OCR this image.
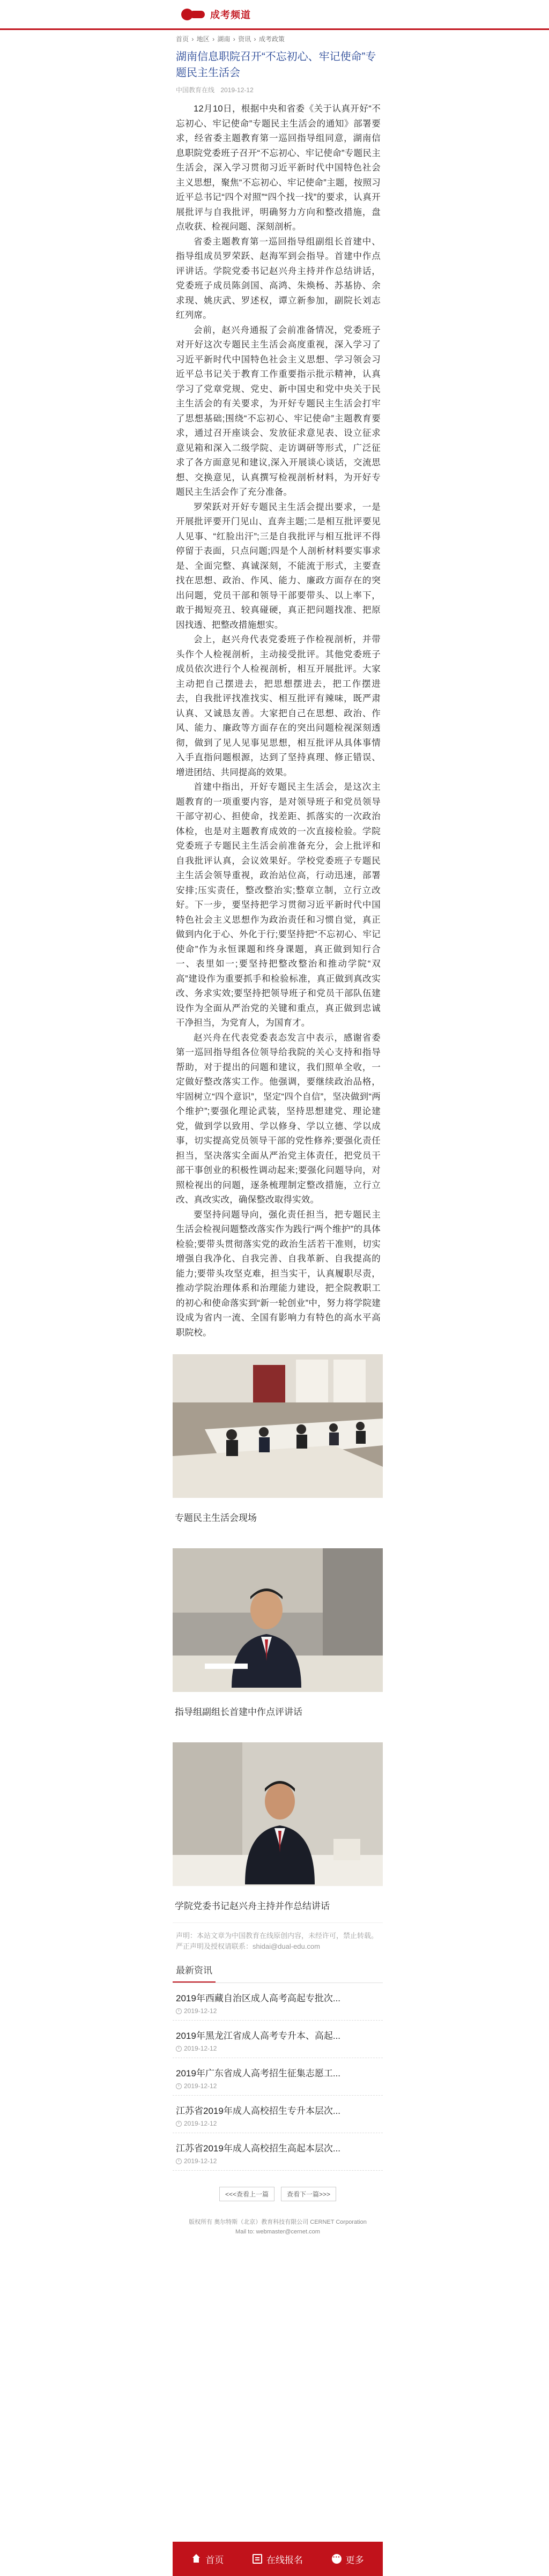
成考频道
首页 › 地区 › 湖南 › 资讯 › 成考政策
湖南信息职院召开“不忘初心、牢记使命”专题民主生活会
中国教育在线 2019-12-12

12月10日，根据中央和省委《关于认真开好“不忘初心、牢记使命”专题民主生活会的通知》部署要求，经省委主题教育第一巡回指导组同意，湖南信息职院党委班子召开“不忘初心、牢记使命”专题民主生活会，深入学习贯彻习近平新时代中国特色社会主义思想，聚焦“不忘初心、牢记使命”主题，按照习近平总书记“四个对照”“四个找一找”的要求，认真开展批评与自我批评，明确努力方向和整改措施，盘点收获、检视问题、深刻剖析。

省委主题教育第一巡回指导组副组长首建中、指导组成员罗荣跃、赵海军到会指导。首建中作点评讲话。学院党委书记赵兴舟主持并作总结讲话，党委班子成员陈剑国、高鸿、朱焕杨、苏基协、余求现、姚庆武、罗述权，谭立新参加，副院长刘志红列席。

会前，赵兴舟通报了会前准备情况，党委班子对开好这次专题民主生活会高度重视，深入学习了习近平新时代中国特色社会主义思想、学习领会习近平总书记关于教育工作重要指示批示精神，认真学习了党章党规、党史、新中国史和党中央关于民主生活会的有关要求，为开好专题民主生活会打牢了思想基础;围绕“不忘初心、牢记使命”主题教育要求，通过召开座谈会、发放征求意见表、设立征求意见箱和深入二级学院、走访调研等形式，广泛征求了各方面意见和建议,深入开展谈心谈话，交流思想、交换意见，认真撰写检视剖析材料，为开好专题民主生活会作了充分准备。

罗荣跃对开好专题民主生活会提出要求，一是开展批评要开门见山、直奔主题;二是相互批评要见人见事、“红脸出汗”;三是自我批评与相互批评不得停留于表面，只点问题;四是个人剖析材料要实事求是、全面完整、真诚深刻，不能流于形式，主要查找在思想、政治、作风、能力、廉政方面存在的突出问题，党员干部和领导干部要带头、以上率下，敢于揭短亮丑、较真碰硬，真正把问题找准、把原因找透、把整改措施想实。

会上，赵兴舟代表党委班子作检视剖析，并带头作个人检视剖析，主动接受批评。其他党委班子成员依次进行个人检视剖析，相互开展批评。大家主动把自己摆进去，把思想摆进去，把工作摆进去，自我批评找准找实、相互批评有辣味，既严肃认真、又诚恳友善。大家把自己在思想、政治、作风、能力、廉政等方面存在的突出问题检视深刻透彻，做到了见人见事见思想，相互批评从具体事情入手直指问题根源，达到了坚持真理、修正错误、增进团结、共同提高的效果。

首建中指出，开好专题民主生活会，是这次主题教育的一项重要内容，是对领导班子和党员领导干部守初心、担使命，找差距、抓落实的一次政治体检，也是对主题教育成效的一次直接检验。学院党委班子专题民主生活会前准备充分，会上批评和自我批评认真，会议效果好。学校党委班子专题民主生活会领导重视，政治站位高，行动迅速，部署安排;压实责任，整改整治实;整章立制，立行立改好。下一步，要坚持把学习贯彻习近平新时代中国特色社会主义思想作为政治责任和习惯自觉，真正做到内化于心、外化于行;要坚持把“不忘初心、牢记使命”作为永恒课题和终身课题，真正做到知行合一、表里如一;要坚持把整改整治和推动学院“双高”建设作为重要抓手和检验标准，真正做到真改实改、务求实效;要坚持把领导班子和党员干部队伍建设作为全面从严治党的关键和重点，真正做到忠诚干净担当，为党育人，为国育才。

赵兴舟在代表党委表态发言中表示，感谢省委第一巡回指导组各位领导给我院的关心支持和指导帮助，对于提出的问题和建议，我们照单全收，一定做好整改落实工作。他强调，要继续政治品格，牢固树立“四个意识”，坚定“四个自信”，坚决做到“两个维护”;要强化理论武装，坚持思想建党、理论建党，做到学以致用、学以修身、学以立德、学以成事，切实提高党员领导干部的党性修养;要强化责任担当，坚决落实全面从严治党主体责任，把党员干部干事创业的积极性调动起来;要强化问题导向，对照检视出的问题，逐条梳理制定整改措施，立行立改、真改实改，确保整改取得实效。

要坚持问题导向，强化责任担当，把专题民主生活会检视问题整改落实作为践行“两个维护”的具体检验;要带头贯彻落实党的政治生活若干准则，切实增强自我净化、自我完善、自我革新、自我提高的能力;要带头攻坚克难，担当实干，认真履职尽责，推动学院治理体系和治理能力建设，把全院教职工的初心和使命落实到“新一轮创业”中，努力将学院建设成为省内一流、全国有影响力有特色的高水平高职院校。

专题民主生活会现场
指导组副组长首建中作点评讲话
学院党委书记赵兴舟主持并作总结讲话
声明：本站文章为中国教育在线原创内容，未经许可，禁止转载。严正声明及授权请联系：shidai@dual-edu.com
最新资讯
2019年西藏自治区成人高考高起专批次...
2019-12-12
2019年黑龙江省成人高考专升本、高起...
2019-12-12
2019年广东省成人高考招生征集志愿工...
2019-12-12
江苏省2019年成人高校招生专升本层次...
2019-12-12
江苏省2019年成人高校招生高起本层次...
2019-12-12
<<<查看上一篇	查看下一篇>>>
版权所有 奥尔特斯（北京）教育科技有限公司 CERNET Corporation
Mail to: webmaster@cernet.com
首页	在线报名
···	更多
